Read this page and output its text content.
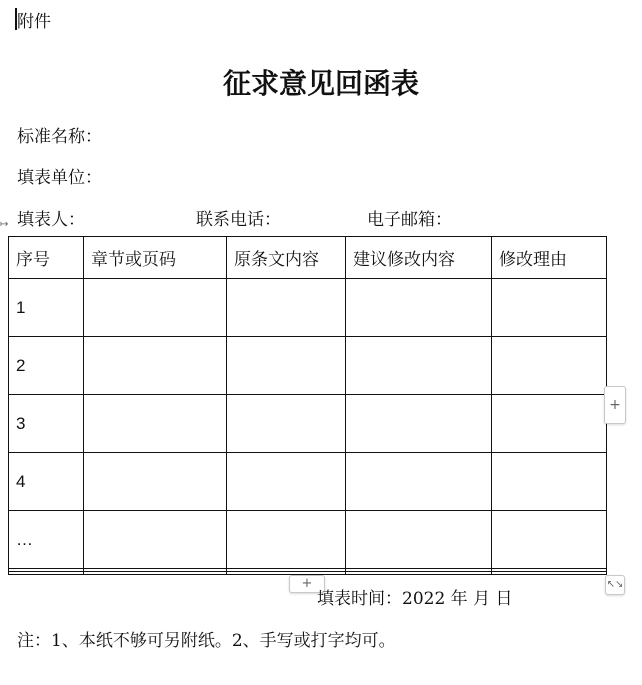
附件
征求意见回函表
标准名称：
填表单位：
填表人：	联系电话：	电子邮箱：
↦
序号	章节或页码	原条文内容	建议修改内容	修改理由
1				
2				
3				
4				
…				

+
+	↖↘
填表时间：2022 年 月 日
注：1、本纸不够可另附纸。2、手写或打字均可。
